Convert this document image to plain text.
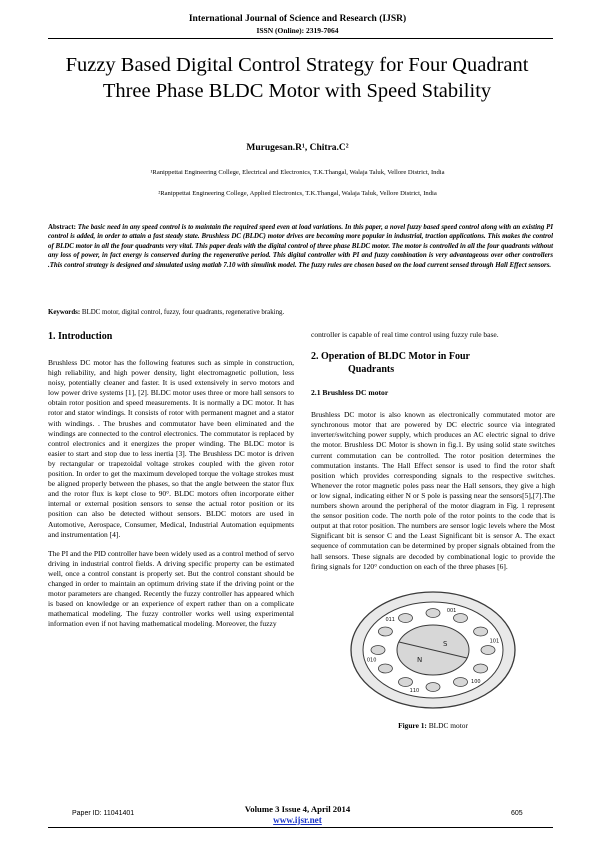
International Journal of Science and Research (IJSR)
ISSN (Online): 2319-7064
Fuzzy Based Digital Control Strategy for Four Quadrant Three Phase BLDC Motor with Speed Stability
Murugesan.R¹, Chitra.C²
¹Ranippettai Engineering College, Electrical and Electronics, T.K.Thangal, Walaja Taluk, Vellore District, India
²Ranippettai Engineering College, Applied Electronics, T.K.Thangal, Walaja Taluk, Vellore District, India
Abstract: The basic need in any speed control is to maintain the required speed even at load variations. In this paper, a novel fuzzy based speed control along with an existing PI control is added, in order to attain a fast steady state. Brushless DC (BLDC) motor drives are becoming more popular in industrial, traction applications. This makes the control of BLDC motor in all the four quadrants very vital. This paper deals with the digital control of three phase BLDC motor. The motor is controlled in all the four quadrants without any loss of power, in fact energy is conserved during the regenerative period. This digital controller with PI and fuzzy combination is very advantageous over other controllers .This control strategy is designed and simulated using matlab 7.10 with simulink model. The fuzzy rules are chosen based on the load current sensed through Hall Effect sensors.
Keywords: BLDC motor, digital control, fuzzy, four quadrants, regenerative braking.
1. Introduction

Brushless DC motor has the following features such as simple in construction, high reliability, and high power density, light electromagnetic pollution, less noisy, potentially cleaner and faster. It is used extensively in servo motors and low power drive systems [1], [2]. BLDC motor uses three or more hall sensors to obtain rotor position and speed measurements. It is normally a DC motor. It has rotor and stator windings. It consists of rotor with permanent magnet and a stator with windings. . The brushes and commutator have been eliminated and the windings are connected to the control electronics. The commutator is replaced by control electronics and it energizes the proper winding. The BLDC motor is easier to start and stop due to less inertia [3]. The Brushless DC motor is driven by rectangular or trapezoidal voltage strokes coupled with the given rotor position. In order to get the maximum developed torque the voltage strokes must be aligned properly between the phases, so that the angle between the stator flux and the rotor flux is kept close to 90°. BLDC motors often incorporate either internal or external position sensors to sense the actual rotor position or its position can also be detected without sensors. BLDC motors are used in Automotive, Aerospace, Consumer, Medical, Industrial Automation equipments and instrumentation [4].

The PI and the PID controller have been widely used as a control method of servo driving in industrial control fields. A driving specific property can be estimated well, once a control constant is properly set. But the control constant should be changed in order to maintain an optimum driving state if the driving point or the motor parameters are changed. Recently the fuzzy controller has appeared which is based on knowledge or an experience of expert rather than on a complicate mathematical modeling. The fuzzy controller works well using experimental information even if not having mathematical modeling. Moreover, the fuzzy

controller is capable of real time control using fuzzy rule base.

2. Operation of BLDC Motor in Four
Quadrants
2.1 Brushless DC motor

Brushless DC motor is also known as electronically commutated motor are synchronous motor that are powered by DC electric source via integrated inverter/switching power supply, which produces an AC electric signal to drive the motor. Brushless DC Motor is shown in fig.1. By using solid state switches current commutation can be controlled. The rotor position determines the commutation instants. The Hall Effect sensor is used to find the rotor shaft position which provides corresponding signals to the respective switches. Whenever the rotor magnetic poles pass near the Hall sensors, they give a high or low signal, indicating either N or S pole is passing near the sensors[5],[7].The numbers shown around the peripheral of the motor diagram in Fig. 1 represent the sensor position code. The north pole of the rotor points to the code that is output at that rotor position. The numbers are sensor logic levels where the Most Significant bit is sensor C and the Least Significant bit is sensor A. The exact sequence of commutation can be determined by proper signals obtained from the hall sensors. These signals are decoded by combinational logic to provide the firing signals for 120° conduction on each of the three phases [6].

001
101
100
110
010
011
N
S
Figure 1: BLDC motor
Volume 3 Issue 4, April 2014
Paper ID: 11041401	605
www.ijsr.net
